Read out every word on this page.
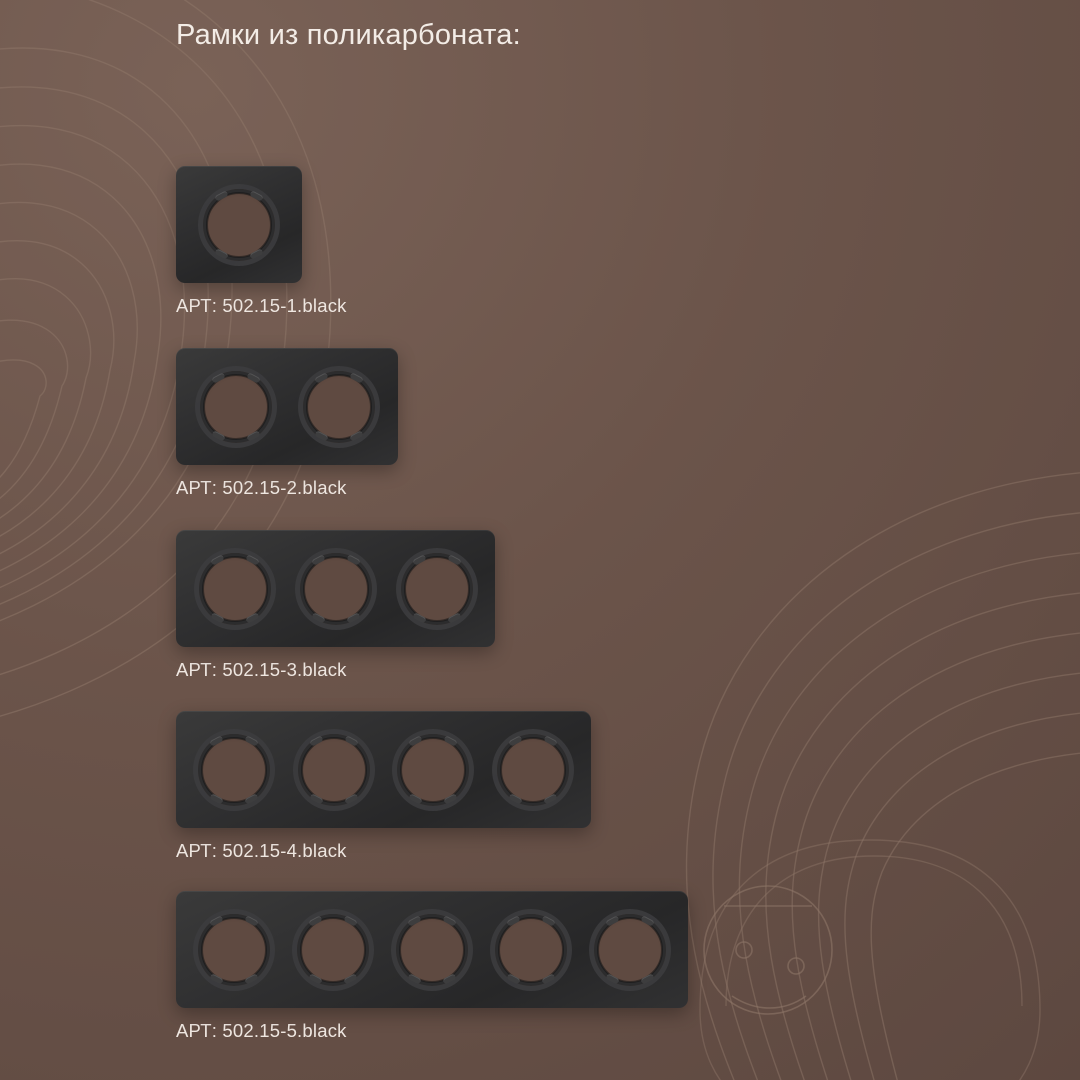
Рамки из поликарбоната:
АРТ: 502.15-1.black
АРТ: 502.15-2.black
АРТ: 502.15-3.black
АРТ: 502.15-4.black
АРТ: 502.15-5.black
